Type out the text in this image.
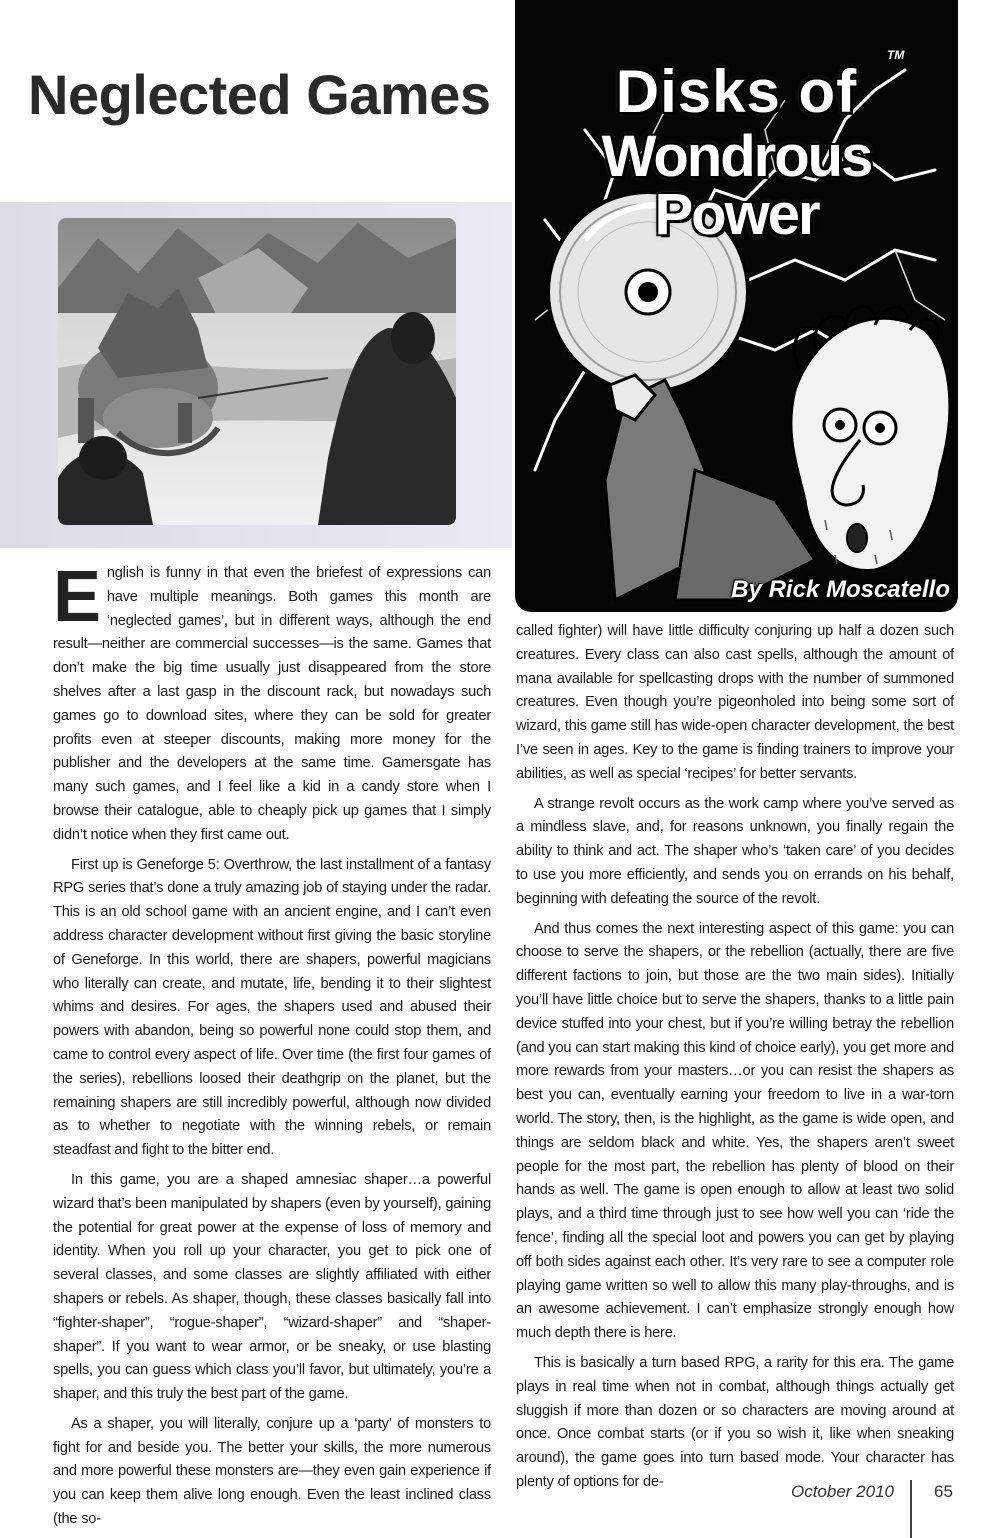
Neglected Games	Disks of
Wondrous Power
TM
By Rick Moscatello

English is funny in that even the briefest of expressions can have multiple meanings. Both games this month are ‘neglected games’, but in different ways, although the end result—neither are commercial successes—is the same. Games that don’t make the big time usually just disappeared from the store shelves after a last gasp in the discount rack, but nowadays such games go to download sites, where they can be sold for greater profits even at steeper discounts, making more money for the publisher and the developers at the same time. Gamersgate has many such games, and I feel like a kid in a candy store when I browse their catalogue, able to cheaply pick up games that I simply didn’t notice when they first came out.

First up is Geneforge 5: Overthrow, the last installment of a fantasy RPG series that’s done a truly amazing job of staying under the radar. This is an old school game with an ancient engine, and I can’t even address character development without first giving the basic storyline of Geneforge. In this world, there are shapers, powerful magicians who literally can create, and mutate, life, bending it to their slightest whims and desires. For ages, the shapers used and abused their powers with abandon, being so powerful none could stop them, and came to control every aspect of life. Over time (the first four games of the series), rebellions loosed their deathgrip on the planet, but the remaining shapers are still incredibly powerful, although now divided as to whether to negotiate with the winning rebels, or remain steadfast and fight to the bitter end.

In this game, you are a shaped amnesiac shaper…a powerful wizard that’s been manipulated by shapers (even by yourself), gaining the potential for great power at the expense of loss of memory and identity. When you roll up your character, you get to pick one of several classes, and some classes are slightly affiliated with either shapers or rebels. As shaper, though, these classes basically fall into “fighter-shaper”, “rogue-shaper”, “wizard-shaper” and “shaper-shaper”. If you want to wear armor, or be sneaky, or use blasting spells, you can guess which class you’ll favor, but ultimately, you’re a shaper, and this truly the best part of the game.

As a shaper, you will literally, conjure up a ‘party’ of monsters to fight for and beside you. The better your skills, the more numerous and more powerful these monsters are—they even gain experience if you can keep them alive long enough. Even the least inclined class (the so-

called fighter) will have little difficulty conjuring up half a dozen such creatures. Every class can also cast spells, although the amount of mana available for spellcasting drops with the number of summoned creatures. Even though you’re pigeonholed into being some sort of wizard, this game still has wide-open character development, the best I’ve seen in ages. Key to the game is finding trainers to improve your abilities, as well as special ‘recipes’ for better servants.

A strange revolt occurs as the work camp where you’ve served as a mindless slave, and, for reasons unknown, you finally regain the ability to think and act. The shaper who’s ‘taken care’ of you decides to use you more efficiently, and sends you on errands on his behalf, beginning with defeating the source of the revolt.

And thus comes the next interesting aspect of this game: you can choose to serve the shapers, or the rebellion (actually, there are five different factions to join, but those are the two main sides). Initially you’ll have little choice but to serve the shapers, thanks to a little pain device stuffed into your chest, but if you’re willing betray the rebellion (and you can start making this kind of choice early), you get more and more rewards from your masters…or you can resist the shapers as best you can, eventually earning your freedom to live in a war-torn world. The story, then, is the highlight, as the game is wide open, and things are seldom black and white. Yes, the shapers aren’t sweet people for the most part, the rebellion has plenty of blood on their hands as well. The game is open enough to allow at least two solid plays, and a third time through just to see how well you can ‘ride the fence’, finding all the special loot and powers you can get by playing off both sides against each other. It’s very rare to see a computer role playing game written so well to allow this many play-throughs, and is an awesome achievement. I can’t emphasize strongly enough how much depth there is here.

This is basically a turn based RPG, a rarity for this era. The game plays in real time when not in combat, although things actually get sluggish if more than dozen or so characters are moving around at once. Once combat starts (or if you so wish it, like when sneaking around), the game goes into turn based mode. Your character has plenty of options for de-

October 2010 65
